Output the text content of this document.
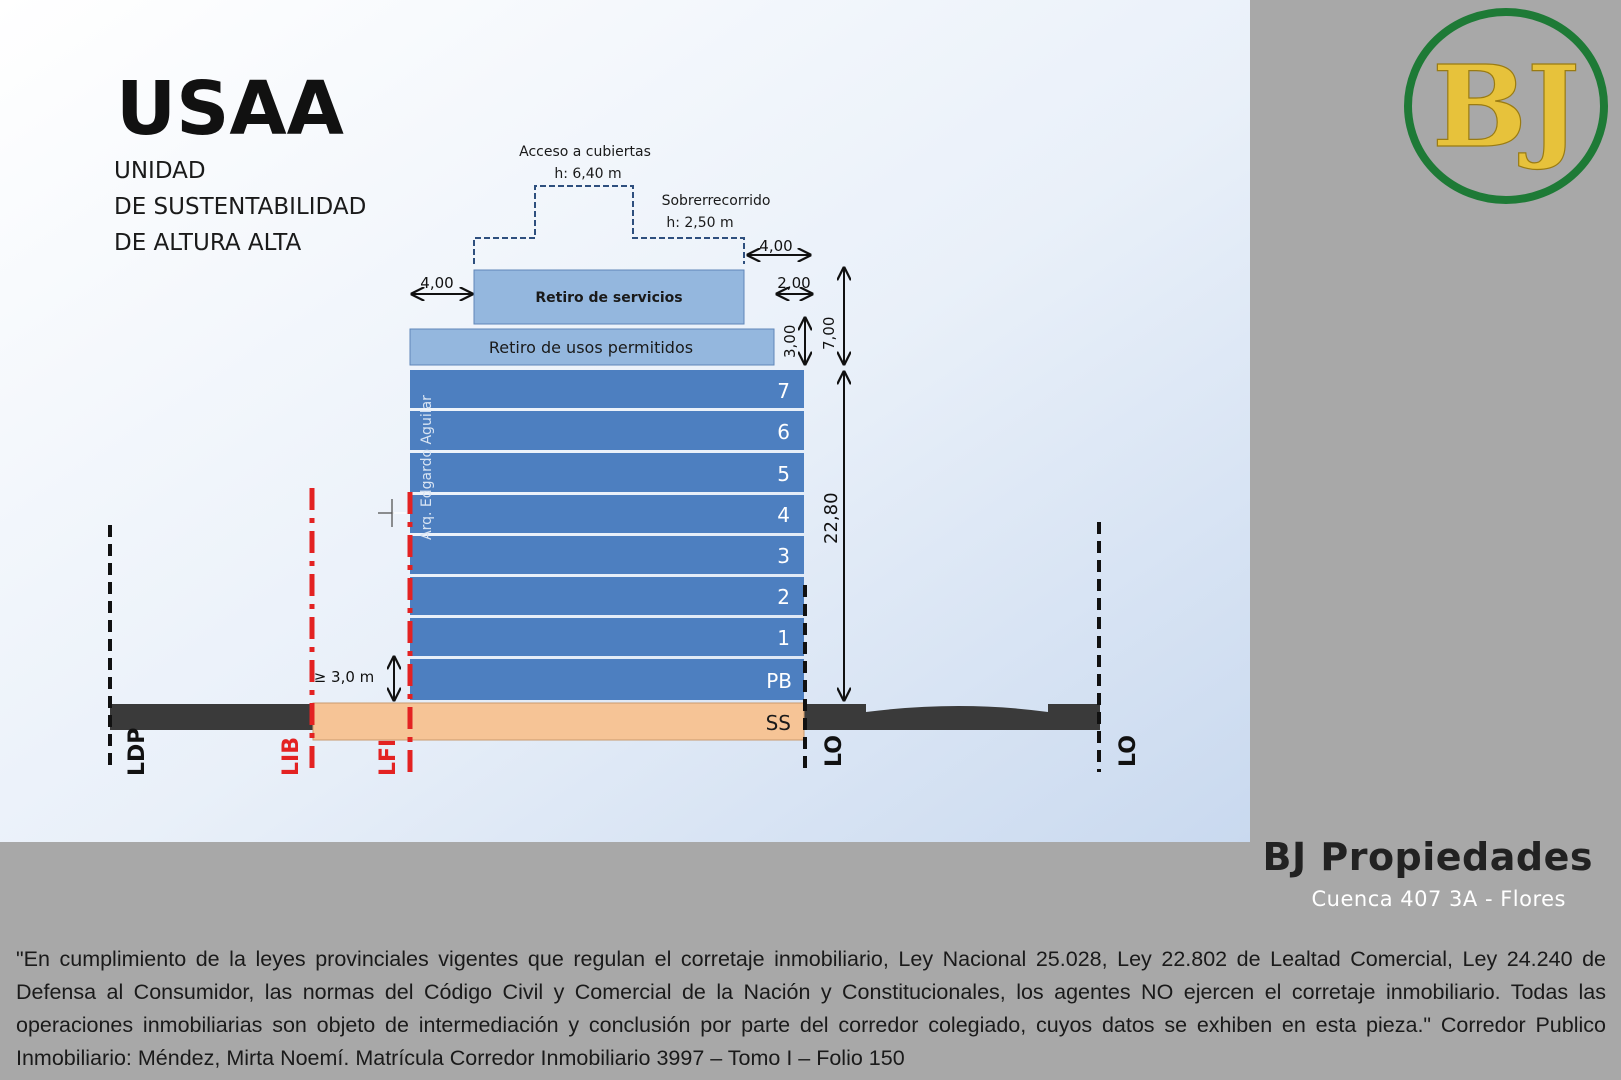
USAA
UNIDAD
DE SUSTENTABILIDAD
DE ALTURA ALTA
Acceso a cubiertas
h: 6,40 m
Sobrerrecorrido
h: 2,50 m
Retiro de servicios
Retiro de usos permitidos
7
6
5
4
3
2
1
PB
Arq. Edgardo Aguilar
SS
LDP	LIB	LFI	LO	LO
4,00
4,00	2,00
3,00 7,00
22,80
≥ 3,0 m
BJ
BJ Propiedades
Cuenca 407 3A - Flores

"En cumplimiento de la leyes provinciales vigentes que regulan el corretaje inmobiliario, Ley Nacional 25.028, Ley 22.802 de Lealtad Comercial, Ley 24.240 de Defensa al Consumidor, las normas del Código Civil y Comercial de la Nación y Constitucionales, los agentes NO ejercen el corretaje inmobiliario. Todas las operaciones inmobiliarias son objeto de intermediación y conclusión por parte del corredor colegiado, cuyos datos se exhiben en esta pieza." Corredor Publico Inmobiliario: Méndez, Mirta Noemí. Matrícula Corredor Inmobiliario 3997 – Tomo I – Folio 150
